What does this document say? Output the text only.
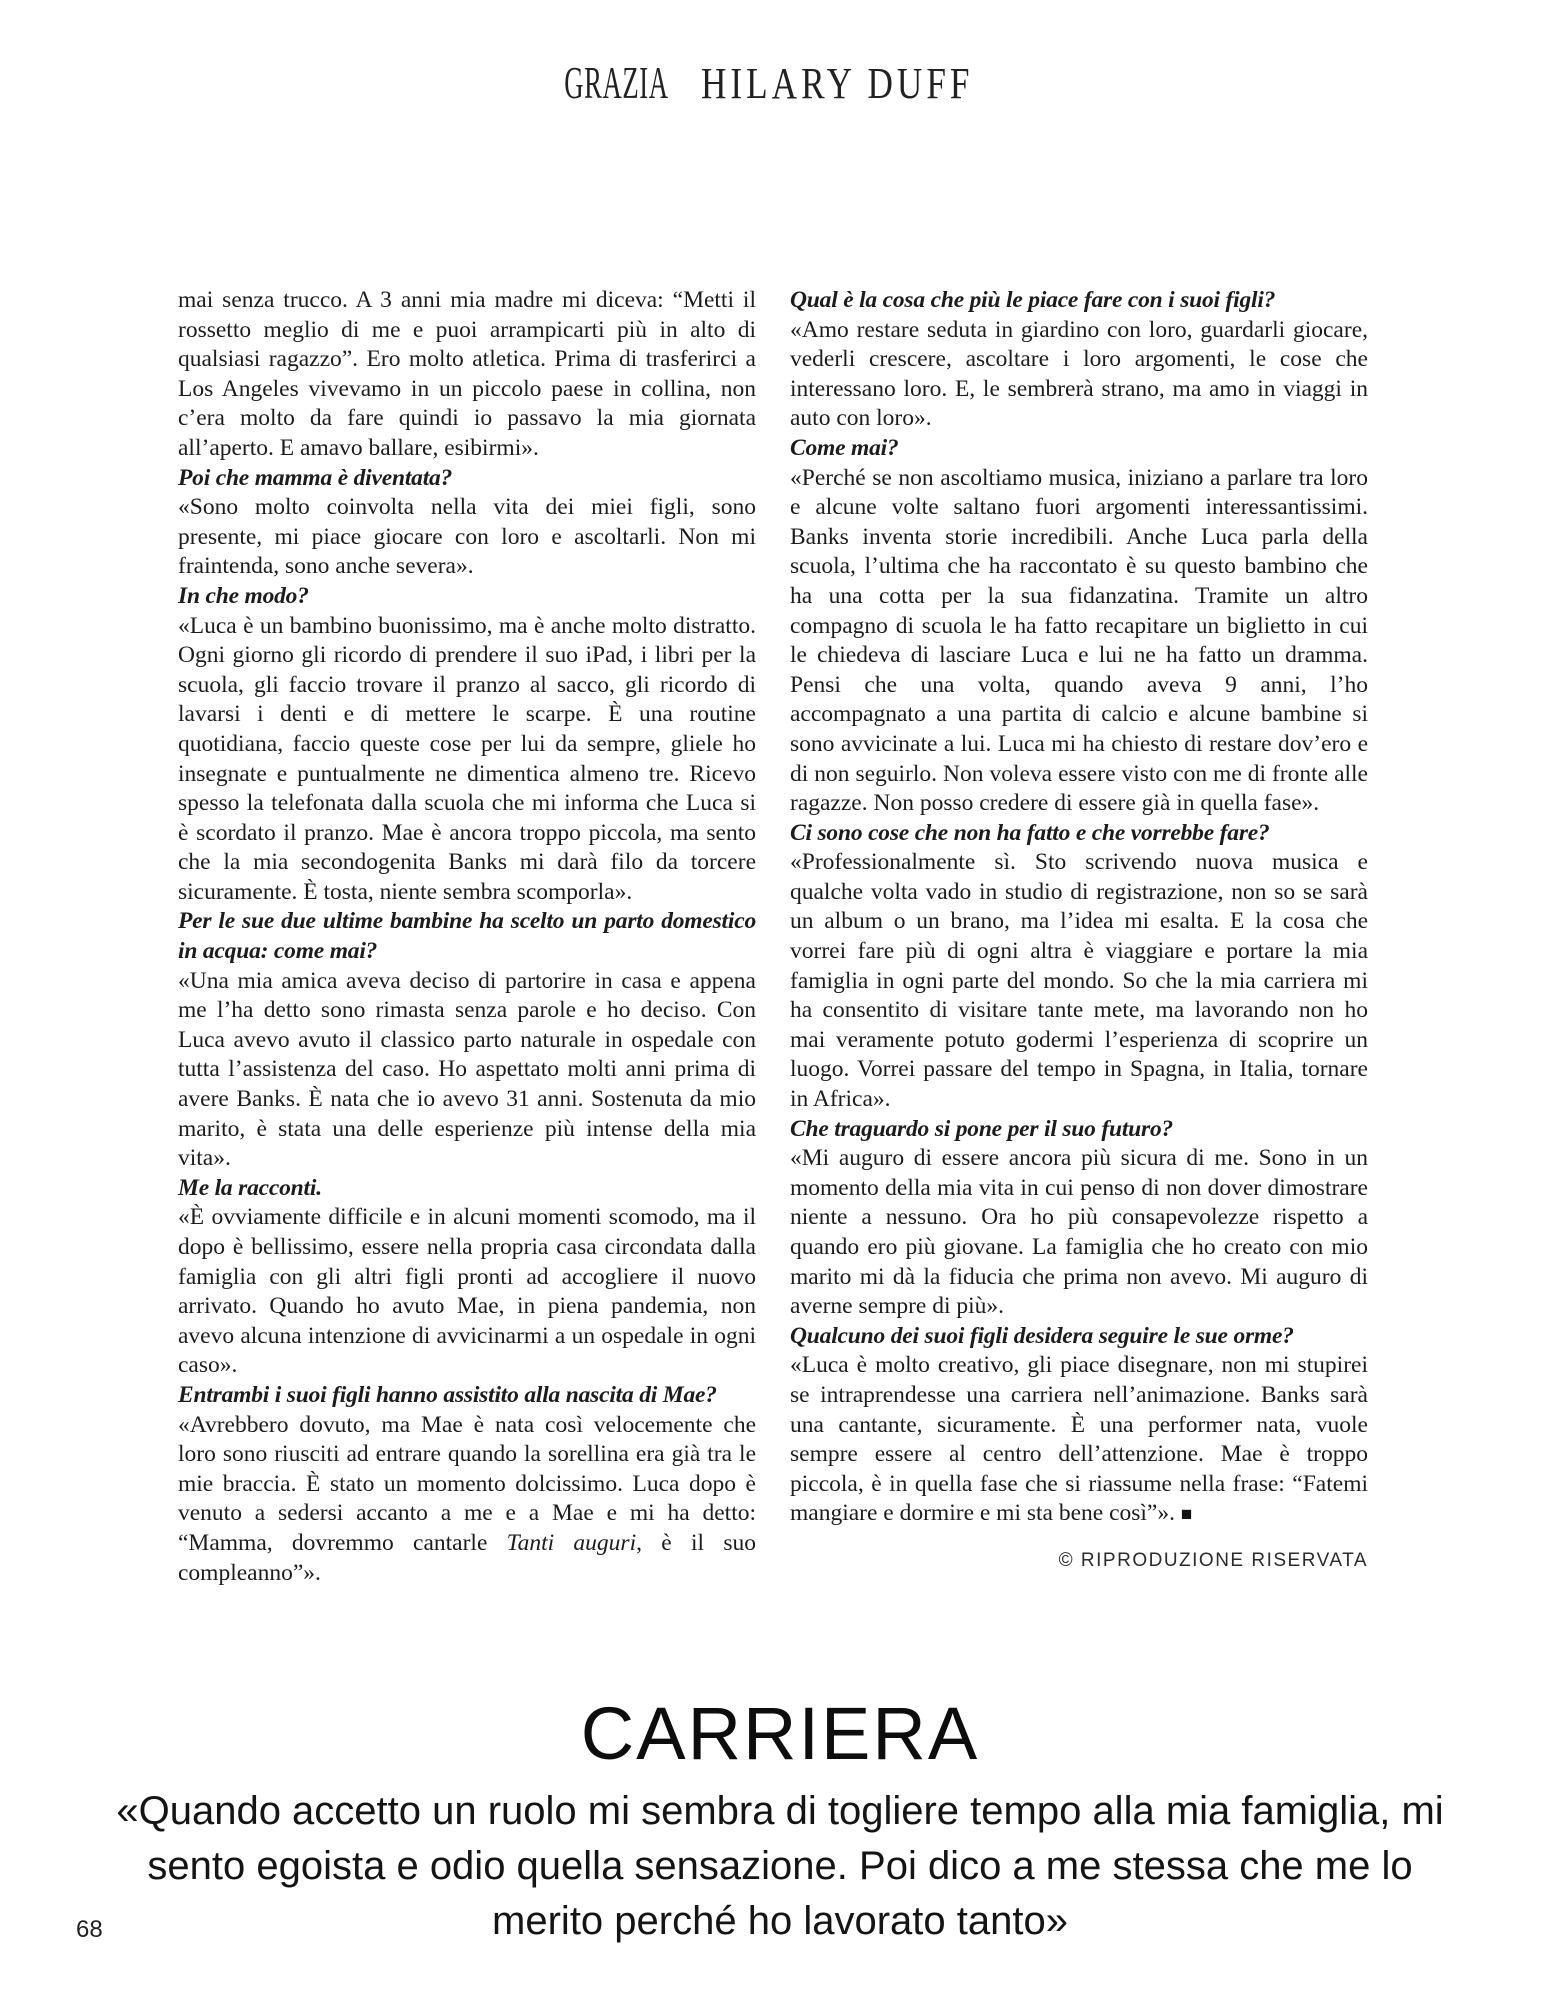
GRAZIA HILARY DUFF

mai senza trucco. A 3 anni mia madre mi diceva: “Metti il rossetto meglio di me e puoi arrampicarti più in alto di qualsiasi ragazzo”. Ero molto atletica. Prima di trasferirci a Los Angeles vivevamo in un piccolo paese in collina, non c’era molto da fare quindi io passavo la mia giornata all’aperto. E amavo ballare, esibirmi».

Poi che mamma è diventata?

«Sono molto coinvolta nella vita dei miei figli, sono presente, mi piace giocare con loro e ascoltarli. Non mi fraintenda, sono anche severa».

In che modo?

«Luca è un bambino buonissimo, ma è anche molto distratto. Ogni giorno gli ricordo di prendere il suo iPad, i libri per la scuola, gli faccio trovare il pranzo al sacco, gli ricordo di lavarsi i denti e di mettere le scarpe. È una routine quotidiana, faccio queste cose per lui da sempre, gliele ho insegnate e puntualmente ne dimentica almeno tre. Ricevo spesso la telefonata dalla scuola che mi informa che Luca si è scordato il pranzo. Mae è ancora troppo piccola, ma sento che la mia secondogenita Banks mi darà filo da torcere sicuramente. È tosta, niente sembra scomporla».

Per le sue due ultime bambine ha scelto un parto domestico in acqua: come mai?

«Una mia amica aveva deciso di partorire in casa e appena me l’ha detto sono rimasta senza parole e ho deciso. Con Luca avevo avuto il classico parto naturale in ospedale con tutta l’assistenza del caso. Ho aspettato molti anni prima di avere Banks. È nata che io avevo 31 anni. Sostenuta da mio marito, è stata una delle esperienze più intense della mia vita».

Me la racconti.

«È ovviamente difficile e in alcuni momenti scomodo, ma il dopo è bellissimo, essere nella propria casa circondata dalla famiglia con gli altri figli pronti ad accogliere il nuovo arrivato. Quando ho avuto Mae, in piena pandemia, non avevo alcuna intenzione di avvicinarmi a un ospedale in ogni caso».

Entrambi i suoi figli hanno assistito alla nascita di Mae?

«Avrebbero dovuto, ma Mae è nata così velocemente che loro sono riusciti ad entrare quando la sorellina era già tra le mie braccia. È stato un momento dolcissimo. Luca dopo è venuto a sedersi accanto a me e a Mae e mi ha detto: “Mamma, dovremmo cantarle Tanti auguri, è il suo compleanno”».

Qual è la cosa che più le piace fare con i suoi figli?

«Amo restare seduta in giardino con loro, guardarli giocare, vederli crescere, ascoltare i loro argomenti, le cose che interessano loro. E, le sembrerà strano, ma amo in viaggi in auto con loro».

Come mai?

«Perché se non ascoltiamo musica, iniziano a parlare tra loro e alcune volte saltano fuori argomenti interessantissimi. Banks inventa storie incredibili. Anche Luca parla della scuola, l’ultima che ha raccontato è su questo bambino che ha una cotta per la sua fidanzatina. Tramite un altro compagno di scuola le ha fatto recapitare un biglietto in cui le chiedeva di lasciare Luca e lui ne ha fatto un dramma. Pensi che una volta, quando aveva 9 anni, l’ho accompagnato a una partita di calcio e alcune bambine si sono avvicinate a lui. Luca mi ha chiesto di restare dov’ero e di non seguirlo. Non voleva essere visto con me di fronte alle ragazze. Non posso credere di essere già in quella fase».

Ci sono cose che non ha fatto e che vorrebbe fare?

«Professionalmente sì. Sto scrivendo nuova musica e qualche volta vado in studio di registrazione, non so se sarà un album o un brano, ma l’idea mi esalta. E la cosa che vorrei fare più di ogni altra è viaggiare e portare la mia famiglia in ogni parte del mondo. So che la mia carriera mi ha consentito di visitare tante mete, ma lavorando non ho mai veramente potuto godermi l’esperienza di scoprire un luogo. Vorrei passare del tempo in Spagna, in Italia, tornare in Africa».

Che traguardo si pone per il suo futuro?

«Mi auguro di essere ancora più sicura di me. Sono in un momento della mia vita in cui penso di non dover dimostrare niente a nessuno. Ora ho più consapevolezze rispetto a quando ero più giovane. La famiglia che ho creato con mio marito mi dà la fiducia che prima non avevo. Mi auguro di averne sempre di più».

Qualcuno dei suoi figli desidera seguire le sue orme?

«Luca è molto creativo, gli piace disegnare, non mi stupirei se intraprendesse una carriera nell’animazione. Banks sarà una cantante, sicuramente. È una performer nata, vuole sempre essere al centro dell’attenzione. Mae è troppo piccola, è in quella fase che si riassume nella frase: “Fatemi mangiare e dormire e mi sta bene così”». ■

© RIPRODUZIONE RISERVATA
CARRIERA
«Quando accetto un ruolo mi sembra di togliere tempo alla mia famiglia, mi sento egoista e odio quella sensazione. Poi dico a me stessa che me lo merito perché ho lavorato tanto»
68
